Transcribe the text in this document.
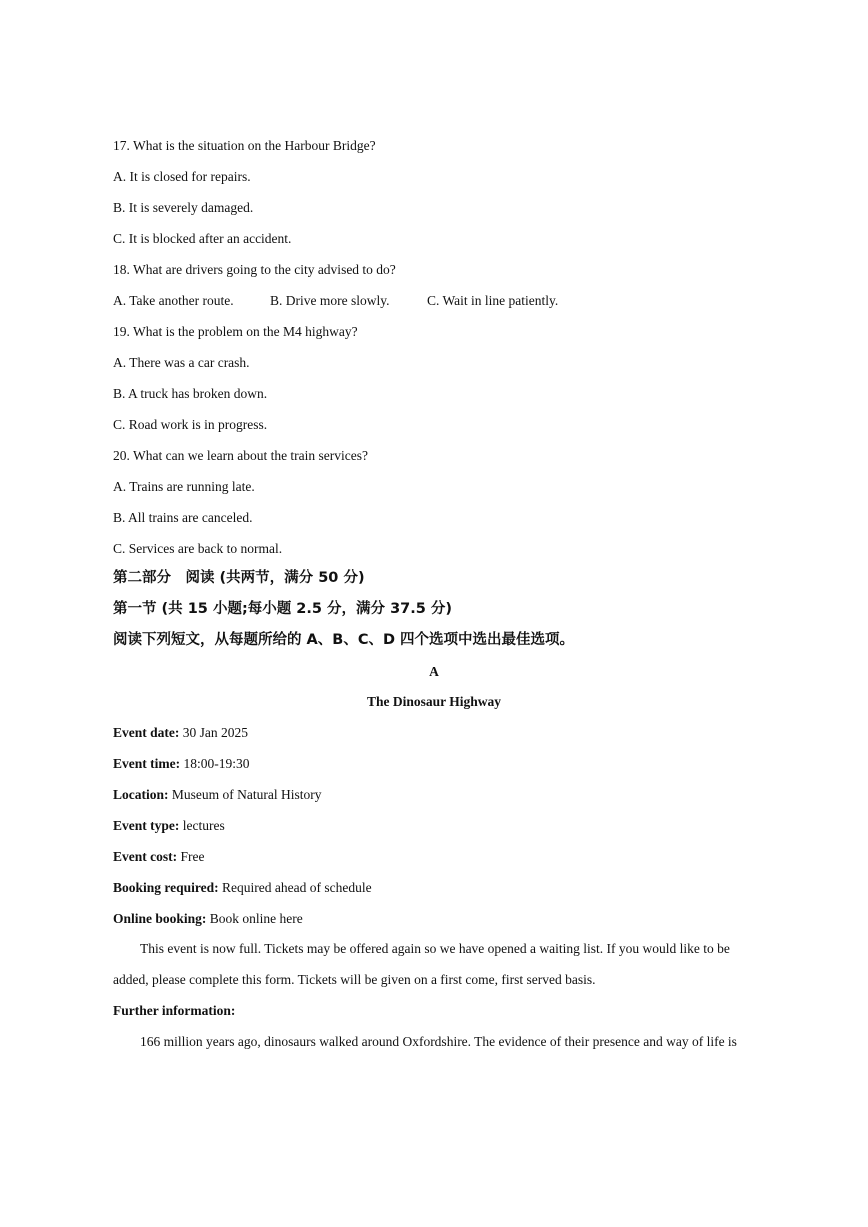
17. What is the situation on the Harbour Bridge?
A. It is closed for repairs.
B. It is severely damaged.
C. It is blocked after an accident.
18. What are drivers going to the city advised to do?
A. Take another route.	B. Drive more slowly.	C. Wait in line patiently.
19. What is the problem on the M4 highway?
A. There was a car crash.
B. A truck has broken down.
C. Road work is in progress.
20. What can we learn about the train services?
A. Trains are running late.
B. All trains are canceled.
C. Services are back to normal.
第二部分　阅读 (共两节，满分 50 分)
第一节 (共 15 小题;每小题 2.5 分，满分 37.5 分)
阅读下列短文，从每题所给的 A、B、C、D 四个选项中选出最佳选项。
A
The Dinosaur Highway
Event date: 30 Jan 2025
Event time: 18:00-19:30
Location: Museum of Natural History
Event type: lectures
Event cost: Free
Booking required: Required ahead of schedule
Online booking: Book online here
This event is now full. Tickets may be offered again so we have opened a waiting list. If you would like to be added, please complete this form. Tickets will be given on a first come, first served basis.
Further information:
166 million years ago, dinosaurs walked around Oxfordshire. The evidence of their presence and way of life is
